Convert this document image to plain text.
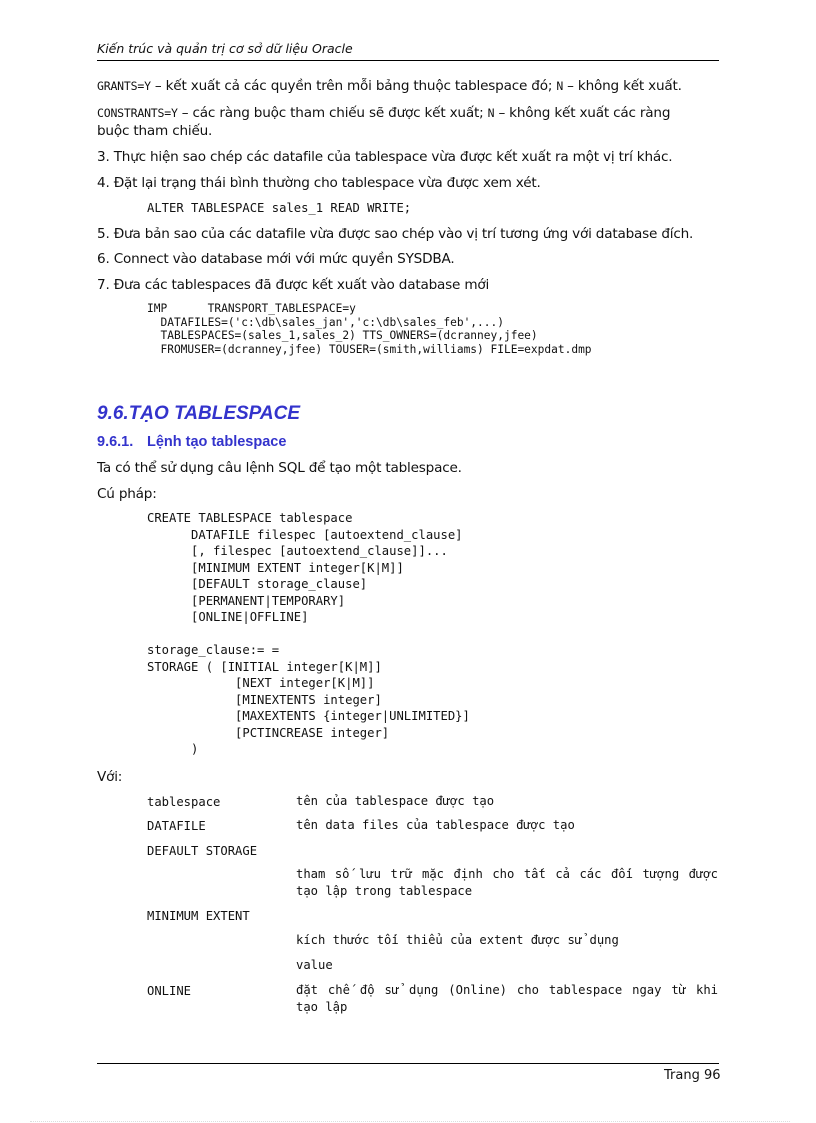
Kiến trúc và quản trị cơ sở dữ liệu Oracle
GRANTS=Y – kết xuất cả các quyền trên mỗi bảng thuộc tablespace đó; N – không kết xuất.
CONSTRANTS=Y – các ràng buộc tham chiếu sẽ được kết xuất; N – không kết xuất các ràng
buộc tham chiếu.
3. Thực hiện sao chép các datafile của tablespace vừa được kết xuất ra một vị trí khác.
4. Đặt lại trạng thái bình thường cho tablespace vừa được xem xét.
ALTER TABLESPACE sales_1 READ WRITE;
5. Đưa bản sao của các datafile vừa được sao chép vào vị trí tương ứng với database đích.
6. Connect vào database mới với mức quyền SYSDBA.
7. Đưa các tablespaces đã được kết xuất vào database mới
IMP      TRANSPORT_TABLESPACE=y
DATAFILES=('c:\db\sales_jan','c:\db\sales_feb',...)
TABLESPACES=(sales_1,sales_2) TTS_OWNERS=(dcranney,jfee)
FROMUSER=(dcranney,jfee) TOUSER=(smith,williams) FILE=expdat.dmp
9.6.TẠO TABLESPACE
9.6.1. Lệnh tạo tablespace
Ta có thể sử dụng câu lệnh SQL để tạo một tablespace.
Cú pháp:
CREATE TABLESPACE tablespace
DATAFILE filespec [autoextend_clause]
[, filespec [autoextend_clause]]...
[MINIMUM EXTENT integer[K|M]]
[DEFAULT storage_clause]
[PERMANENT|TEMPORARY]
[ONLINE|OFFLINE]

storage_clause:= =
STORAGE ( [INITIAL integer[K|M]]
[NEXT integer[K|M]]
[MINEXTENTS integer]
[MAXEXTENTS {integer|UNLIMITED}]
[PCTINCREASE integer]
)
Với:
tablespace	tên của tablespace được tạo
DATAFILE	tên data files của tablespace được tạo
DEFAULT STORAGE
tham số lưu trữ mặc định cho tất cả các đối tượng được tạo lập trong tablespace
MINIMUM EXTENT
kích thước tối thiểu của extent được sử dụng
value
ONLINE	đặt chế độ sử dụng (Online) cho tablespace ngay từ khi tạo lập
Trang 96
